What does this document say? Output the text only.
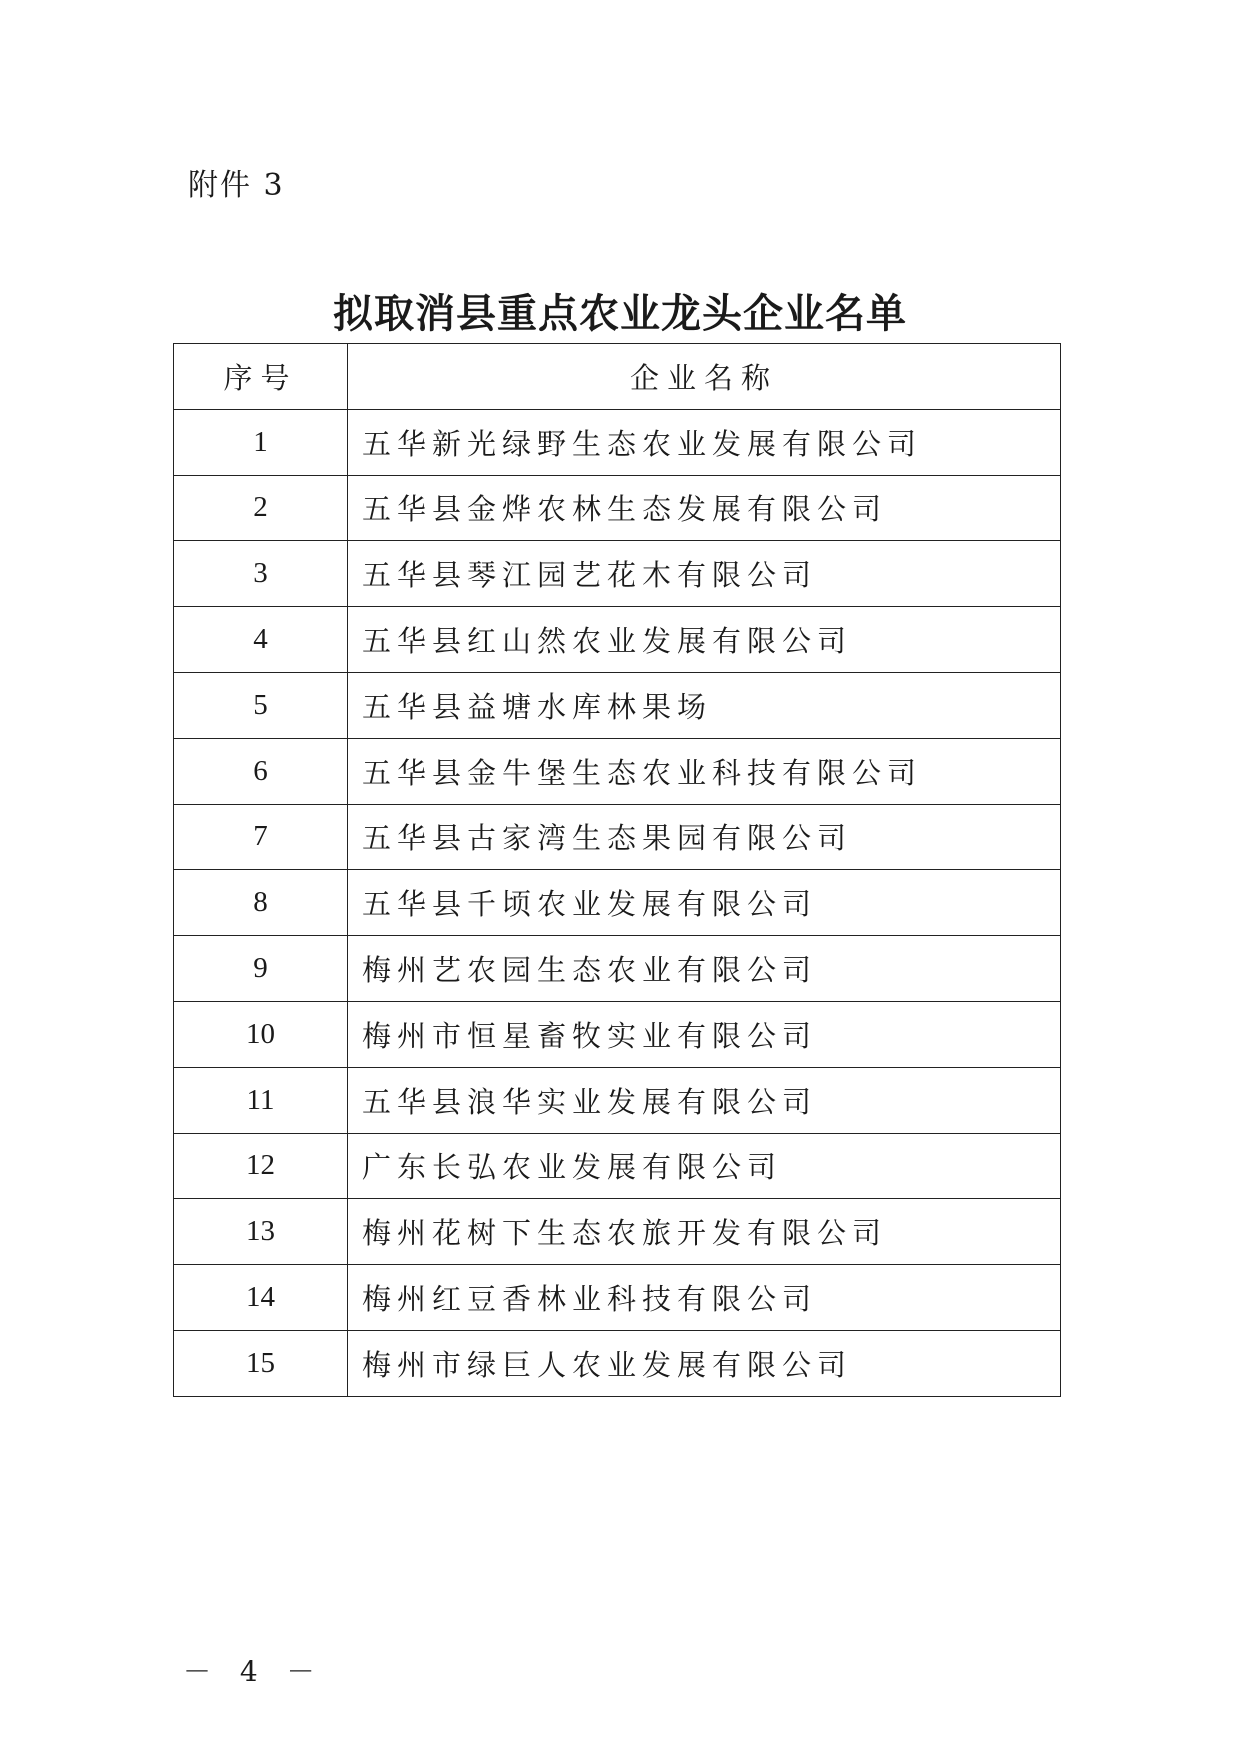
附件 3
拟取消县重点农业龙头企业名单
序号	企业名称
1	五华新光绿野生态农业发展有限公司
2	五华县金烨农林生态发展有限公司
3	五华县琴江园艺花木有限公司
4	五华县红山然农业发展有限公司
5	五华县益塘水库林果场
6	五华县金牛堡生态农业科技有限公司
7	五华县古家湾生态果园有限公司
8	五华县千顷农业发展有限公司
9	梅州艺农园生态农业有限公司
10	梅州市恒星畜牧实业有限公司
11	五华县浪华实业发展有限公司
12	广东长弘农业发展有限公司
13	梅州花树下生态农旅开发有限公司
14	梅州红豆香林业科技有限公司
15	梅州市绿巨人农业发展有限公司
－ 4 －
